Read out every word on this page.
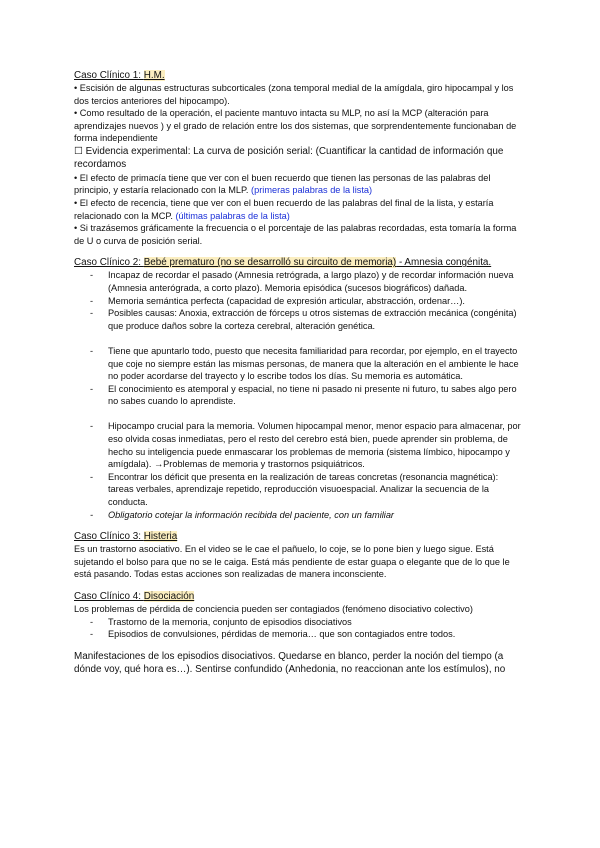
Caso Clínico 1: H.M.

• Escisión de algunas estructuras subcorticales (zona temporal medial de la amígdala, giro hipocampal y los dos tercios anteriores del hipocampo).

• Como resultado de la operación, el paciente mantuvo intacta su MLP, no así la MCP (alteración para aprendizajes nuevos ) y el grado de relación entre los dos sistemas, que sorprendentemente funcionaban de forma independiente

☐ Evidencia experimental: La curva de posición serial: (Cuantificar la cantidad de información que recordamos

• El efecto de primacía tiene que ver con el buen recuerdo que tienen las personas de las palabras del principio, y estaría relacionado con la MLP. (primeras palabras de la lista)

• El efecto de recencia, tiene que ver con el buen recuerdo de las palabras del final de la lista, y estaría relacionado con la MCP. (últimas palabras de la lista)

• Si trazásemos gráficamente la frecuencia o el porcentaje de las palabras recordadas, esta tomaría la forma de U o curva de posición serial.

Caso Clínico 2: Bebé prematuro (no se desarrolló su circuito de memoria) - Amnesia congénita.

- Incapaz de recordar el pasado (Amnesia retrógrada, a largo plazo) y de recordar información nueva (Amnesia anterógrada, a corto plazo). Memoria episódica (sucesos biográficos) dañada.
- Memoria semántica perfecta (capacidad de expresión articular, abstracción, ordenar…).
- Posibles causas: Anoxia, extracción de fórceps u otros sistemas de extracción mecánica (congénita) que produce daños sobre la corteza cerebral, alteración genética.
- Tiene que apuntarlo todo, puesto que necesita familiaridad para recordar, por ejemplo, en el trayecto que coje no siempre están las mismas personas, de manera que la alteración en el ambiente le hace no poder acordarse del trayecto y lo escribe todos los días. Su memoria es automática.
- El conocimiento es atemporal y espacial, no tiene ni pasado ni presente ni futuro, tu sabes algo pero no sabes cuando lo aprendiste.
- Hipocampo crucial para la memoria. Volumen hipocampal menor, menor espacio para almacenar, por eso olvida cosas inmediatas, pero el resto del cerebro está bien, puede aprender sin problema, de hecho su inteligencia puede enmascarar los problemas de memoria (sistema límbico, hipocampo y amígdala). →Problemas de memoria y trastornos psiquiátricos.
- Encontrar los déficit que presenta en la realización de tareas concretas (resonancia magnética): tareas verbales, aprendizaje repetido, reproducción visuoespacial. Analizar la secuencia de la conducta.
- Obligatorio cotejar la información recibida del paciente, con un familiar

Caso Clínico 3: Histeria

Es un trastorno asociativo. En el video se le cae el pañuelo, lo coje, se lo pone bien y luego sigue. Está sujetando el bolso para que no se le caiga. Está más pendiente de estar guapa o elegante que de lo que le está pasando. Todas estas acciones son realizadas de manera inconsciente.

Caso Clínico 4: Disociación

Los problemas de pérdida de conciencia pueden ser contagiados (fenómeno disociativo colectivo)

- Trastorno de la memoria, conjunto de episodios disociativos
- Episodios de convulsiones, pérdidas de memoria… que son contagiados entre todos.

Manifestaciones de los episodios disociativos. Quedarse en blanco, perder la noción del tiempo (a dónde voy, qué hora es…). Sentirse confundido (Anhedonia, no reaccionan ante los estímulos), no
